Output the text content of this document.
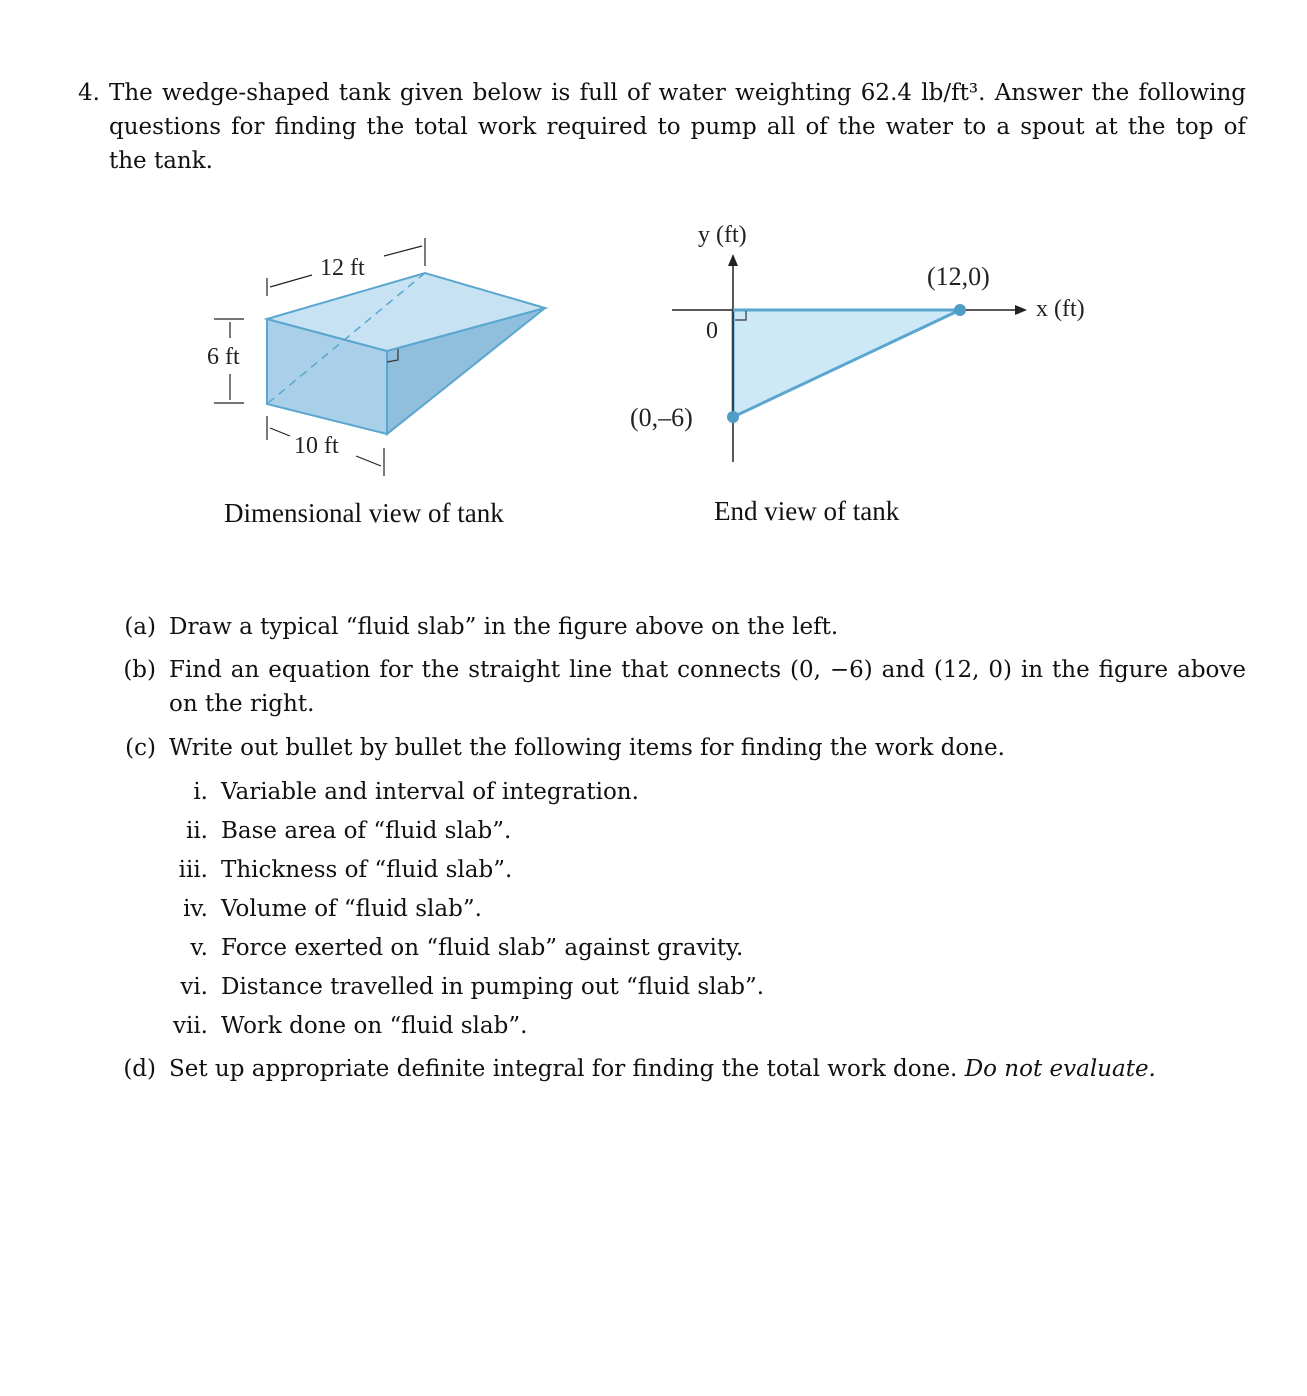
4. The wedge-shaped tank given below is full of water weighting 62.4 lb/ft³. Answer the following
questions for finding the total work required to pump all of the water to a spout at the top of
the tank.
12 ft
6 ft
10 ft
y (ft)
x (ft)
0
(12,0)
(0,–6)
Dimensional view of tank	End view of tank
(a) Draw a typical “fluid slab” in the figure above on the left.
(b) Find an equation for the straight line that connects (0, −6) and (12, 0) in the figure above
on the right.
(c) Write out bullet by bullet the following items for finding the work done.
i. Variable and interval of integration.
ii. Base area of “fluid slab”.
iii. Thickness of “fluid slab”.
iv. Volume of “fluid slab”.
v. Force exerted on “fluid slab” against gravity.
vi. Distance travelled in pumping out “fluid slab”.
vii. Work done on “fluid slab”.
(d) Set up appropriate definite integral for finding the total work done. Do not evaluate.
